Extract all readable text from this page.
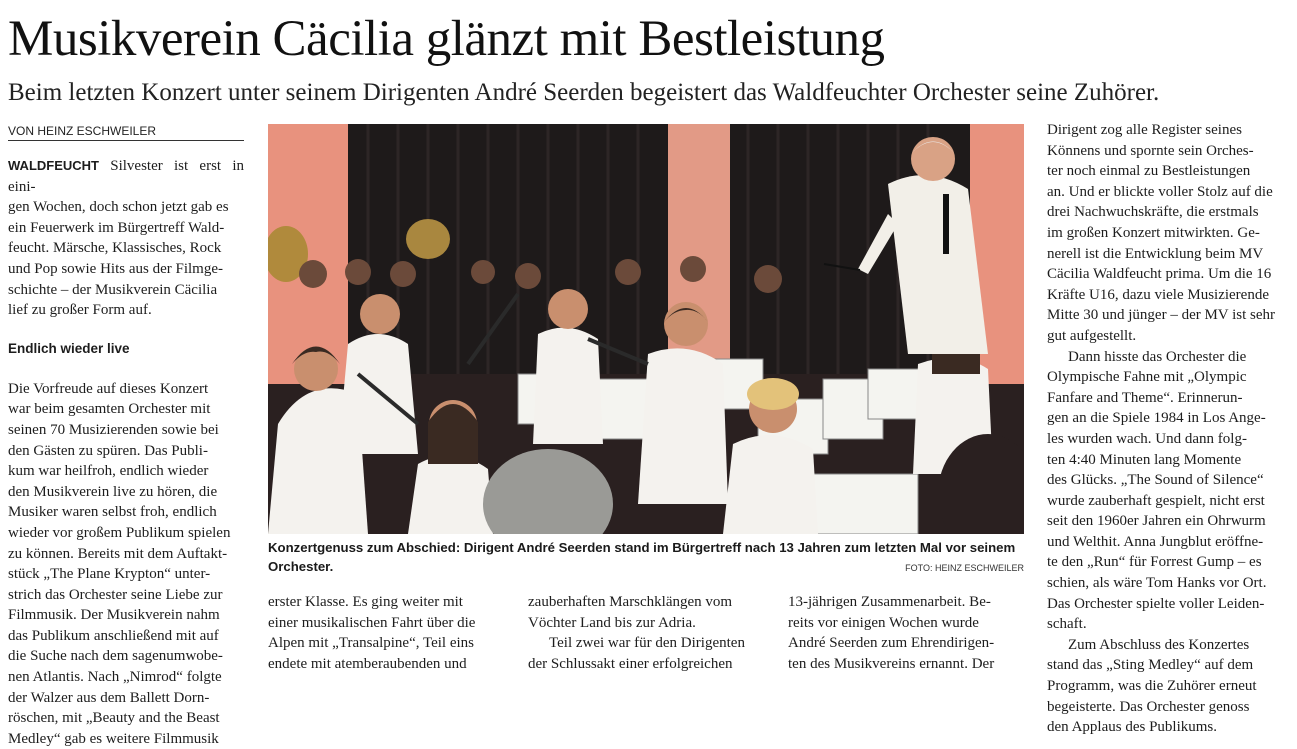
Musikverein Cäcilia glänzt mit Bestleistung
Beim letzten Konzert unter seinem Dirigenten André Seerden begeistert das Waldfeuchter Orchester seine Zuhörer.
VON HEINZ ESCHWEILER

WALDFEUCHT Silvester ist erst in eini-
gen Wochen, doch schon jetzt gab es
ein Feuerwerk im Bürgertreff Wald-
feucht. Märsche, Klassisches, Rock
und Pop sowie Hits aus der Filmge-
schichte – der Musikverein Cäcilia
lief zu großer Form auf.

Endlich wieder live

Die Vorfreude auf dieses Konzert
war beim gesamten Orchester mit
seinen 70 Musizierenden sowie bei
den Gästen zu spüren. Das Publi-
kum war heilfroh, endlich wieder
den Musikverein live zu hören, die
Musiker waren selbst froh, endlich
wieder vor großem Publikum spielen
zu können. Bereits mit dem Auftakt-
stück „The Plane Krypton“ unter-
strich das Orchester seine Liebe zur
Filmmusik. Der Musikverein nahm
das Publikum anschließend mit auf
die Suche nach dem sagenumwobe-
nen Atlantis. Nach „Nimrod“ folgte
der Walzer aus dem Ballett Dorn-
röschen, mit „Beauty and the Beast
Medley“ gab es weitere Filmmusik

Konzertgenuss zum Abschied: Dirigent André Seerden stand im Bürgertreff nach 13 Jahren zum letzten Mal vor seinem Orchester.	FOTO: HEINZ ESCHWEILER

erster Klasse. Es ging weiter mit
einer musikalischen Fahrt über die
Alpen mit „Transalpine“, Teil eins
endete mit atemberaubenden und

zauberhaften Marschklängen vom
Vöchter Land bis zur Adria.

Teil zwei war für den Dirigenten
der Schlussakt einer erfolgreichen

13-jährigen Zusammenarbeit. Be-
reits vor einigen Wochen wurde
André Seerden zum Ehrendirigen-
ten des Musikvereins ernannt. Der

Dirigent zog alle Register seines
Könnens und spornte sein Orches-
ter noch einmal zu Bestleistungen
an. Und er blickte voller Stolz auf die
drei Nachwuchskräfte, die erstmals
im großen Konzert mitwirkten. Ge-
nerell ist die Entwicklung beim MV
Cäcilia Waldfeucht prima. Um die 16
Kräfte U16, dazu viele Musizierende
Mitte 30 und jünger – der MV ist sehr
gut aufgestellt.

Dann hisste das Orchester die
Olympische Fahne mit „Olympic
Fanfare and Theme“. Erinnerun-
gen an die Spiele 1984 in Los Ange-
les wurden wach. Und dann folg-
ten 4:40 Minuten lang Momente
des Glücks. „The Sound of Silence“
wurde zauberhaft gespielt, nicht erst
seit den 1960er Jahren ein Ohrwurm
und Welthit. Anna Jungblut eröffne-
te den „Run“ für Forrest Gump – es
schien, als wäre Tom Hanks vor Ort.
Das Orchester spielte voller Leiden-
schaft.

Zum Abschluss des Konzertes
stand das „Sting Medley“ auf dem
Programm, was die Zuhörer erneut
begeisterte. Das Orchester genoss
den Applaus des Publikums.
